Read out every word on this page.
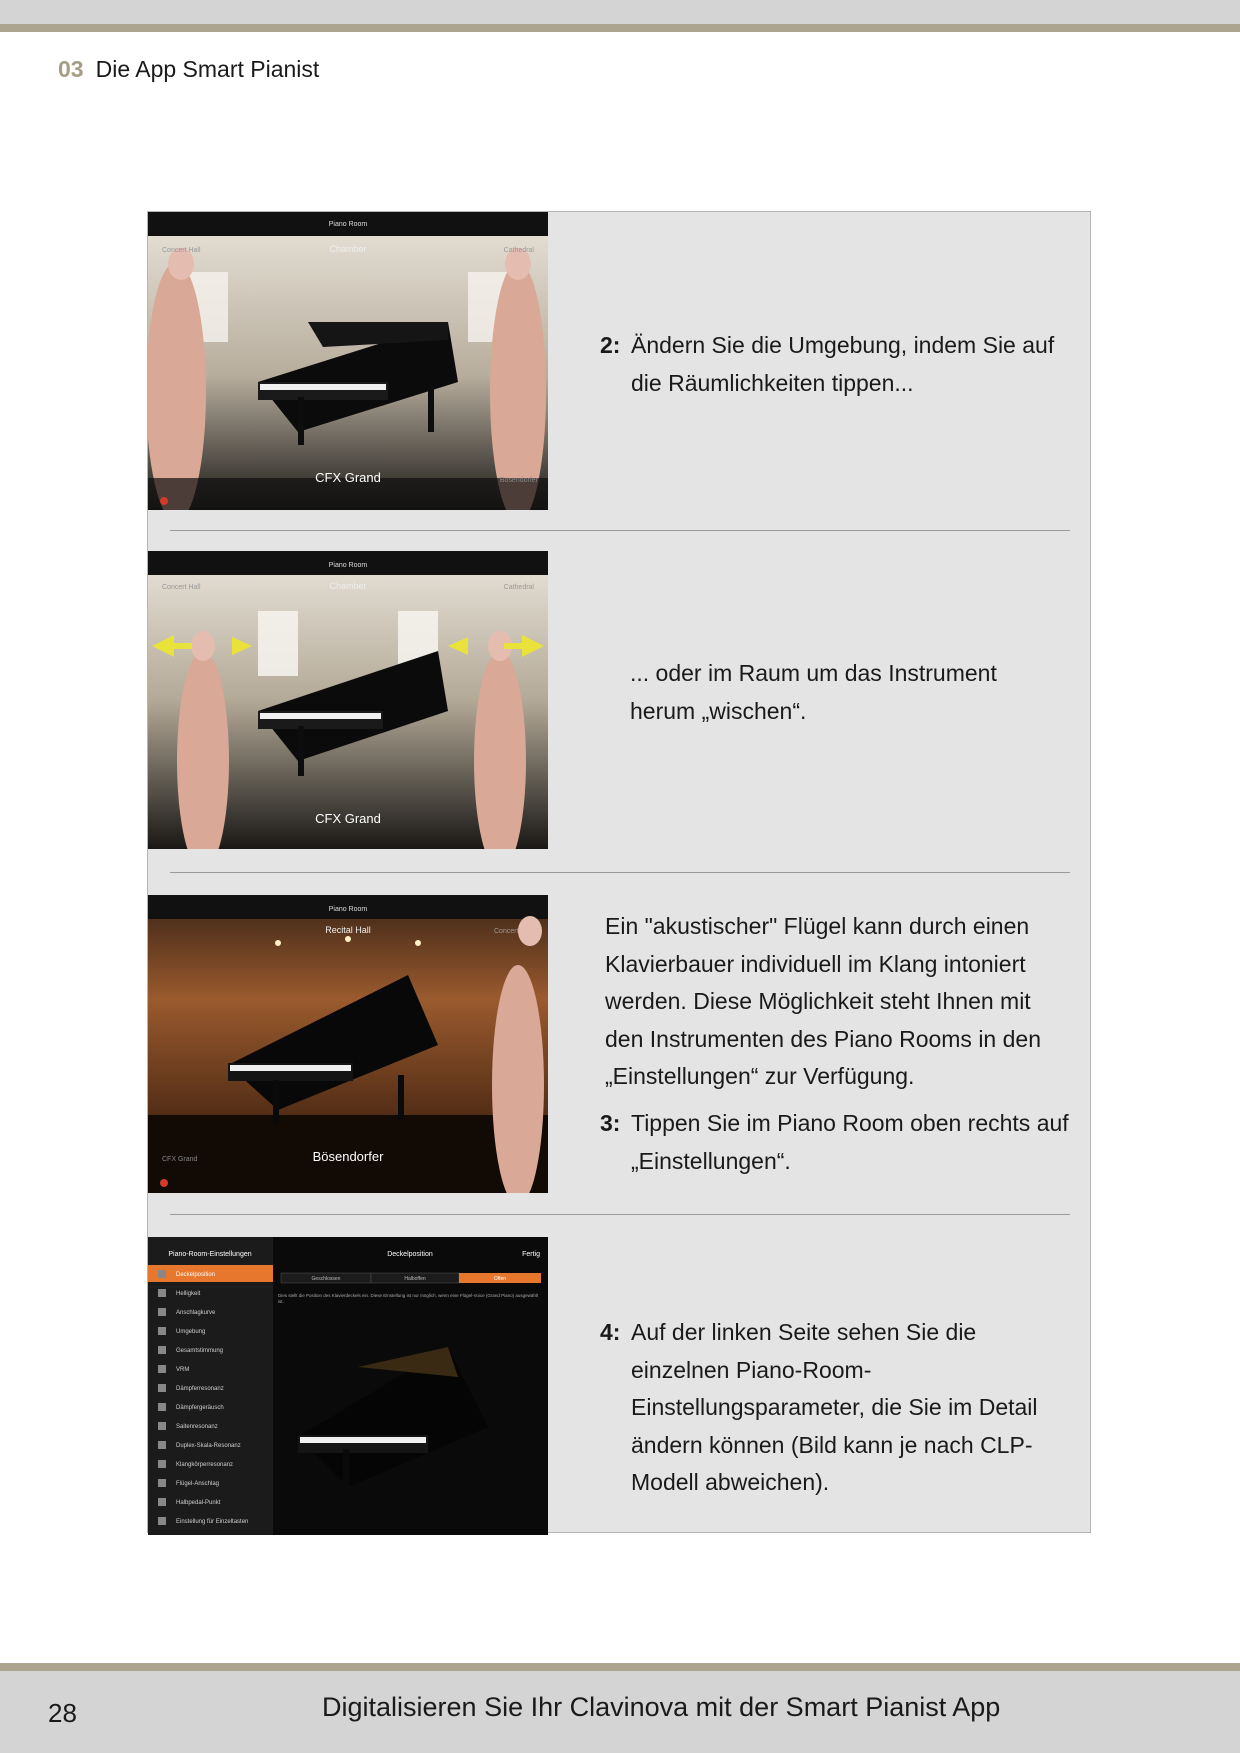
03 Die App Smart Pianist
Piano Room
Chamber
Concert Hall	Cathedral
CFX Grand	Bösendorfer
2: Ändern Sie die Umgebung, indem Sie auf die Räumlichkeiten tippen...
Piano Room
Chamber
Concert Hall	Cathedral
CFX Grand
... oder im Raum um das Instrument herum „wischen“.
Piano Room
Recital Hall	Concert
Bösendorfer
CFX Grand
Ein "akustischer" Flügel kann durch einen Klavierbauer individuell im Klang intoniert werden. Diese Möglichkeit steht Ihnen mit den Instrumenten des Piano Rooms in den „Einstellungen“ zur Verfügung.
3: Tippen Sie im Piano Room oben rechts auf „Einstellungen“.
Piano-Room-Einstellungen
Deckelposition
Helligkeit
Anschlagkurve
Umgebung
Gesamtstimmung
VRM
Dämpferresonanz
Dämpfergeräusch
Saitenresonanz
Duplex-Skala-Resonanz
Klangkörperresonanz
Flügel-Anschlag
Halbpedal-Punkt
Einstellung für Einzeltasten
Deckelposition	Fertig
Geschlossen	Halboffen	Offen
Dies stellt die Position des Klavierdeckels ein. Diese Einstellung ist nur möglich, wenn eine Flügel-Voice (Grand Piano) ausgewählt ist.
4: Auf der linken Seite sehen Sie die einzelnen Piano-Room-Einstellungsparameter, die Sie im Detail ändern können (Bild kann je nach CLP-Modell abweichen).
28	Digitalisieren Sie Ihr Clavinova mit der Smart Pianist App
